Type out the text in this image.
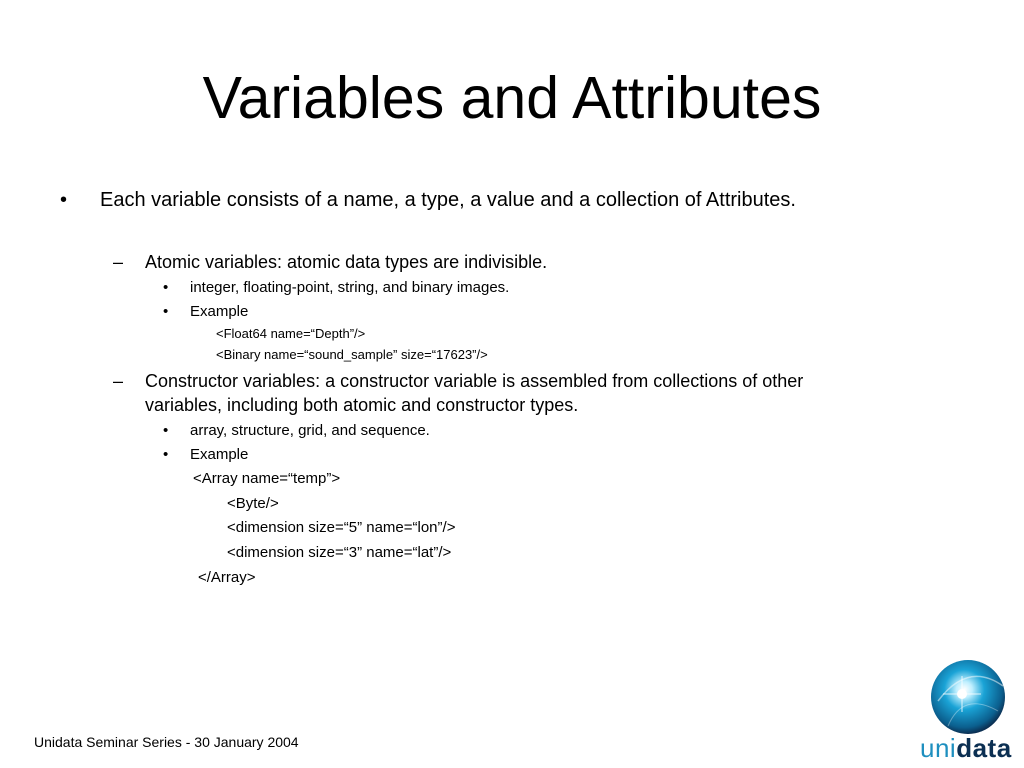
Variables and Attributes
• Each variable consists of a name, a type, a value and a collection of Attributes.
– Atomic variables: atomic data types are indivisible.
• integer, floating-point, string, and binary images.
• Example
<Float64 name=“Depth”/>
<Binary name=“sound_sample” size=“17623”/>
– Constructor variables: a constructor variable is assembled from collections of other
variables, including both atomic and constructor types.
• array, structure, grid, and sequence.
• Example
<Array name=“temp”>
<Byte/>
<dimension size=“5” name=“lon”/>
<dimension size=“3” name=“lat”/>
</Array>
Unidata Seminar Series - 30 January 2004	unidata
